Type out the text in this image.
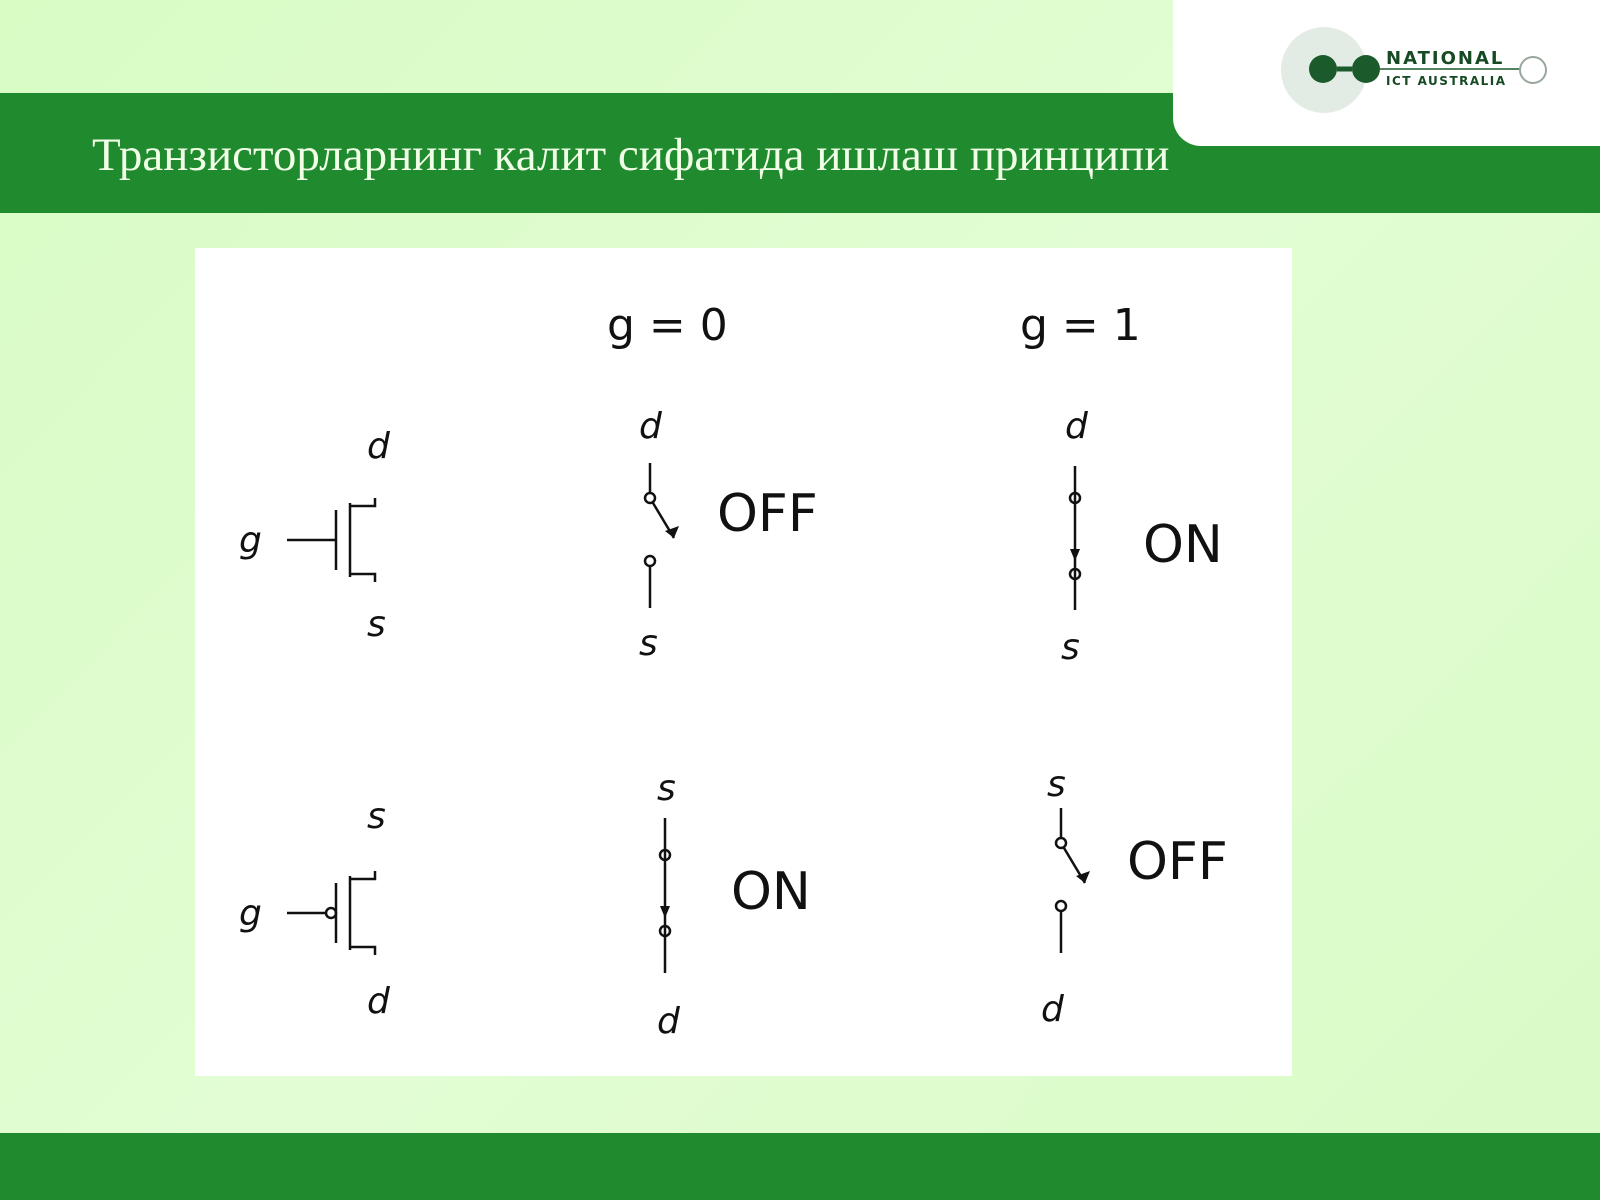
Транзисторларнинг калит сифатида ишлаш принципи
NATIONAL
ICT AUSTRALIA
g = 0	g = 1
g
d
s
d
s
OFF
d
s
ON
g
s
d
s
d
ON
s
d
OFF
